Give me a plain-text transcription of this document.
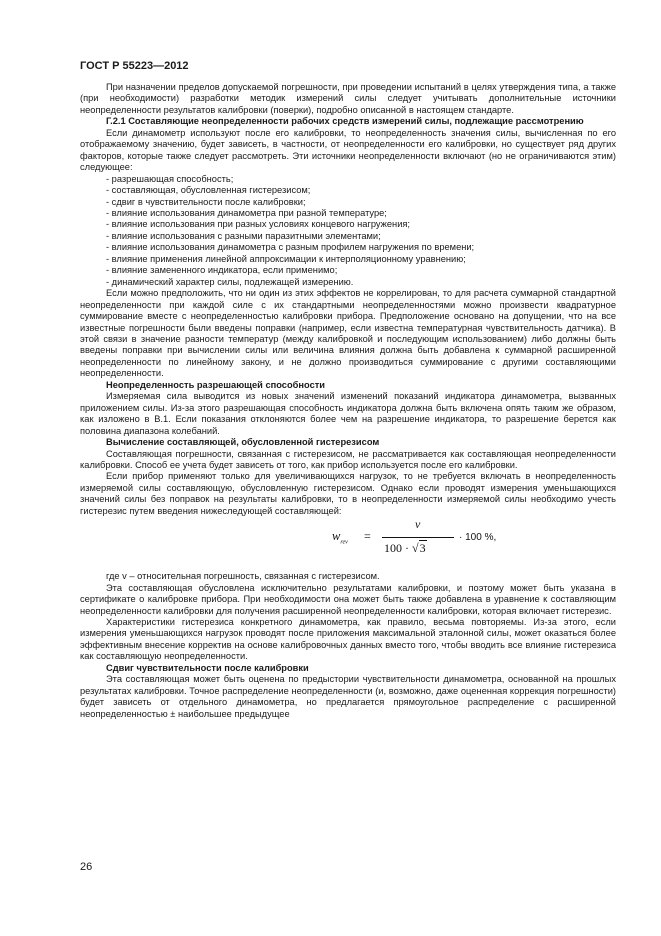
ГОСТ Р 55223—2012

При назначении пределов допускаемой погрешности, при проведении испытаний в целях утверждения типа, а также (при необходимости) разработки методик измерений силы следует учитывать дополнительные источники неопределенности результатов калибровки (поверки), подробно описанной в настоящем стандарте.

Г.2.1 Составляющие неопределенности рабочих средств измерений силы, подлежащие рассмотрению

Если динамометр используют после его калибровки, то неопределенность значения силы, вычисленная по его отображаемому значению, будет зависеть, в частности, от неопределенности его калибровки, но существует ряд других факторов, которые также следует рассмотреть. Эти источники неопределенности включают (но не ограничиваются этим) следующее:

- разрешающая способность;

- составляющая, обусловленная гистерезисом;

- сдвиг в чувствительности после калибровки;

- влияние использования динамометра при разной температуре;

- влияние использования при разных условиях концевого нагружения;

- влияние использования с разными паразитными элементами;

- влияние использования динамометра с разным профилем нагружения по времени;

- влияние применения линейной аппроксимации к интерполяционному уравнению;

- влияние замененного индикатора, если применимо;

- динамический характер силы, подлежащей измерению.

Если можно предположить, что ни один из этих эффектов не коррелирован, то для расчета суммарной стандартной неопределенности при каждой силе с их стандартными неопределенностями можно произвести квадратурное суммирование вместе с неопределенностью калибровки прибора. Предположение основано на допущении, что на все известные погрешности были введены поправки (например, если известна температурная чувствительность датчика). В этой связи в значение разности температур (между калибровкой и последующим использованием) либо должны быть введены поправки при вычислении силы или величина влияния должна быть добавлена к суммарной расширенной неопределенности по линейному закону, и не должно производиться суммирование с другими составляющими неопределенности.

Неопределенность разрешающей способности

Измеряемая сила выводится из новых значений изменений показаний индикатора динамометра, вызванных приложением силы. Из-за этого разрешающая способность индикатора должна быть включена опять таким же образом, как изложено в В.1. Если показания отклоняются более чем на разрешение индикатора, то разрешение берется как половина диапазона колебаний.

Вычисление составляющей, обусловленной гистерезисом

Составляющая погрешности, связанная с гистерезисом, не рассматривается как составляющая неопределенности калибровки. Способ ее учета будет зависеть от того, как прибор используется после его калибровки.

Если прибор применяют только для увеличивающихся нагрузок, то не требуется включать в неопределенность измеряемой силы составляющую, обусловленную гистерезисом. Однако если проводят измерения уменьшающихся значений силы без поправок на результаты калибровки, то в неопределенности измеряемой силы необходимо учесть гистерезис путем введения нижеследующей составляющей:

$w_{rev}$ =
v
100 · √3
· 100 %,

где v – относительная погрешность, связанная с гистерезисом.

Эта составляющая обусловлена исключительно результатами калибровки, и поэтому может быть указана в сертификате о калибровке прибора. При необходимости она может быть также добавлена в уравнение к составляющим неопределенности калибровки для получения расширенной неопределенности калибровки, которая включает гистерезис.

Характеристики гистерезиса конкретного динамометра, как правило, весьма повторяемы. Из-за этого, если измерения уменьшающихся нагрузок проводят после приложения максимальной эталонной силы, может оказаться более эффективным внесение корректив на основе калибровочных данных вместо того, чтобы вводить все влияние гистерезиса как составляющую неопределенности.

Сдвиг чувствительности после калибровки

Эта составляющая может быть оценена по предыстории чувствительности динамометра, основанной на прошлых результатах калибровки. Точное распределение неопределенности (и, возможно, даже оцененная коррекция погрешности) будет зависеть от отдельного динамометра, но предлагается прямоугольное распределение с расширенной неопределенностью ± наибольшее предыдущее

26
